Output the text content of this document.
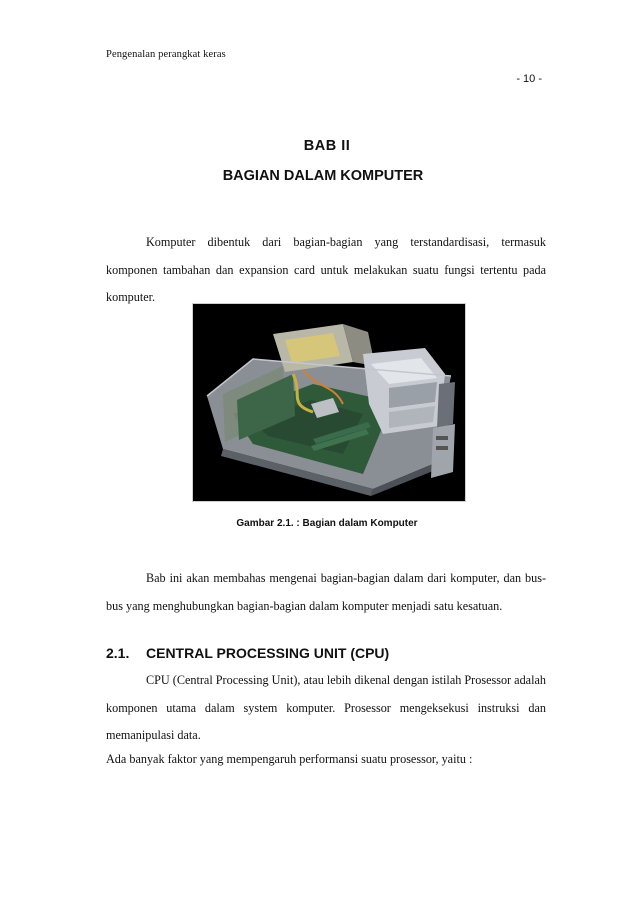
Pengenalan perangkat keras
- 10 -
BAB II
BAGIAN DALAM KOMPUTER
Komputer dibentuk dari bagian-bagian yang terstandardisasi, termasuk komponen tambahan dan expansion card untuk melakukan suatu fungsi tertentu pada komputer.
Gambar 2.1. : Bagian dalam Komputer
Bab ini akan membahas mengenai bagian-bagian dalam dari komputer, dan bus-bus yang menghubungkan bagian-bagian dalam komputer menjadi satu kesatuan.
2.1. CENTRAL PROCESSING UNIT (CPU)
CPU (Central Processing Unit), atau lebih dikenal dengan istilah Prosessor adalah komponen utama dalam system komputer. Prosessor mengeksekusi instruksi dan memanipulasi data.
Ada banyak faktor yang mempengaruh performansi suatu prosessor, yaitu :
